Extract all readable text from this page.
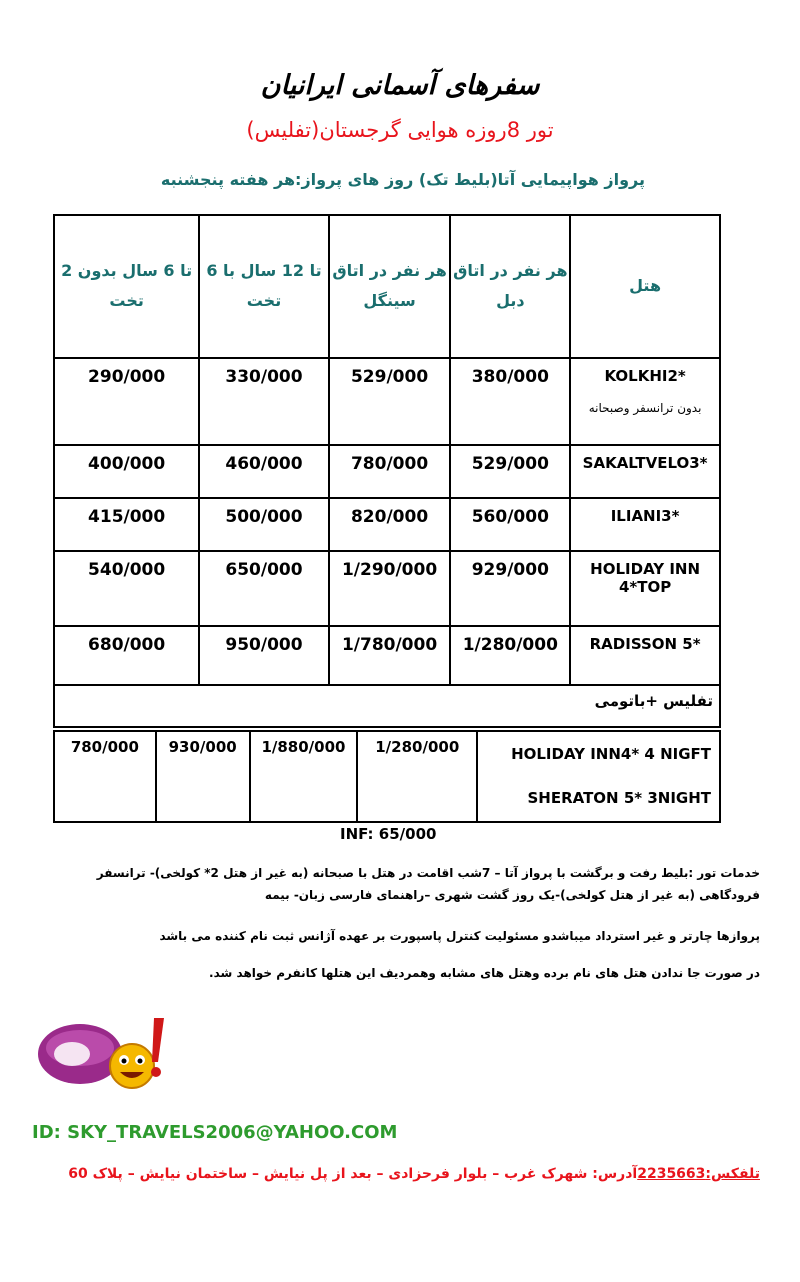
سفرهای آسمانی ایرانیان
تور 8روزه هوایی گرجستان(تفلیس)
پرواز هواپیمایی آتا(بلیط تک) روز های پرواز:هر هفته پنجشنبه
2 تا 6 سال بدون تخت	6 تا 12 سال با تخت	هر نفر در اتاق سینگل	هر نفر در اتاق دبل	هتل
290/000	330/000	529/000	380/000	KOLKHI2*
بدون ترانسفر وصبحانه

400/000	460/000	780/000	529/000	SAKALTVELO3*
415/000	500/000	820/000	560/000	ILIANI3*
540/000	650/000	1/290/000	929/000	HOLIDAY INN 4*TOP
680/000	950/000	1/780/000	1/280/000	RADISSON 5*
تفلیس +باتومی				
780/000	930/000	1/880/000	1/280/000	HOLIDAY INN4* 4 NIGFT
SHERATON 5* 3NIGHT
INF: 65/000
خدمات تور :بلیط رفت و برگشت با پرواز آتا – 7شب اقامت در هتل با صبحانه (به غیر از هتل 2* کولخی)- ترانسفر فرودگاهی (به غیر از هتل کولخی)-یک روز گشت شهری –راهنمای فارسی زبان- بیمه
پروازها چارتر و غیر استرداد میباشدو مسئولیت کنترل پاسپورت بر عهده آژانس ثبت نام کننده می باشد
در صورت جا ندادن هتل های نام برده وهتل های مشابه وهمردیف این هتلها کانفرم خواهد شد.
ID: SKY_TRAVELS2006@YAHOO.COM
تلفکس:2235663آدرس: شهرک غرب – بلوار فرحزادی – بعد از پل نیایش – ساختمان نیایش – پلاک 60
